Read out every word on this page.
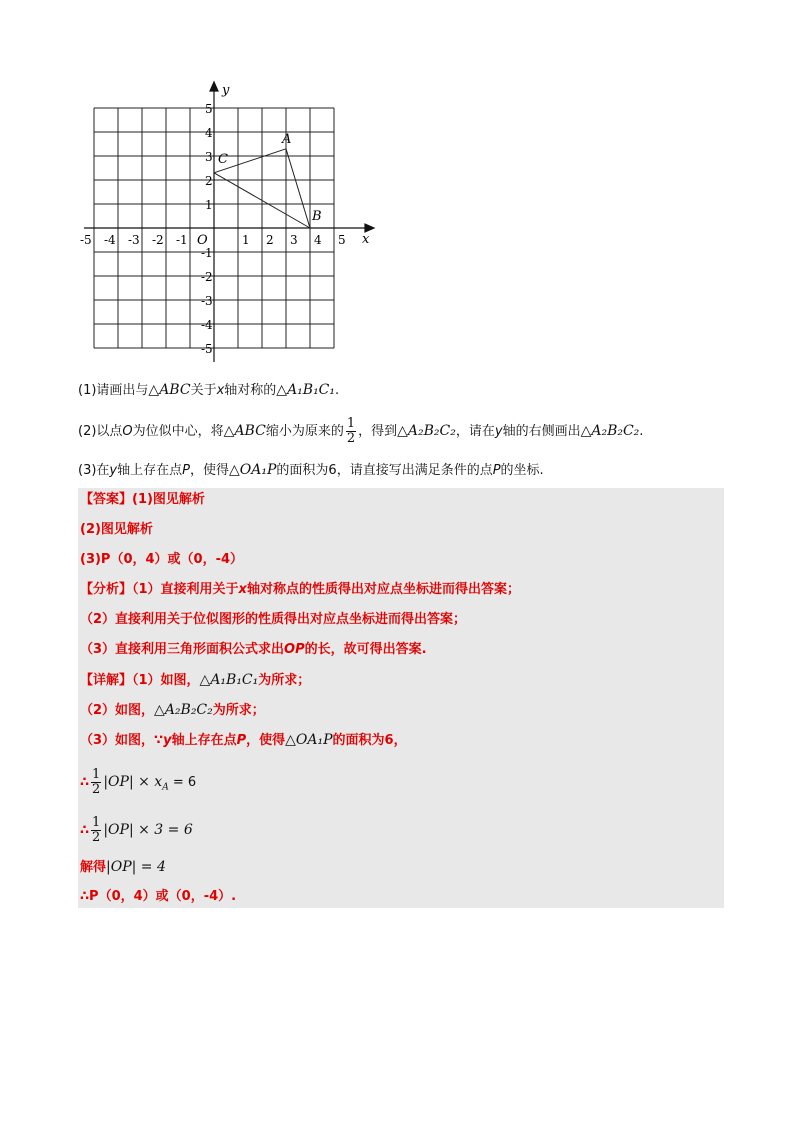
x
y
O
-5 -4 -3 -2 -1	1 2 3 4 5
5
4
3
2
1
-1
-2
-3
-4
-5
A
B
C
(1)请画出与△ABC关于x轴对称的△A₁B₁C₁.
(2)以点O为位似中心，将△ABC缩小为原来的 $\frac{1}{2}$ ，得到△A₂B₂C₂，请在y轴的右侧画出△A₂B₂C₂.
(3)在y轴上存在点P，使得△OA₁P的面积为6，请直接写出满足条件的点P的坐标.
【答案】(1)图见解析
(2)图见解析
(3)P（0，4）或（0，-4）
【分析】（1）直接利用关于x轴对称点的性质得出对应点坐标进而得出答案；
（2）直接利用关于位似图形的性质得出对应点坐标进而得出答案；
（3）直接利用三角形面积公式求出OP的长，故可得出答案.
【详解】（1）如图，△A₁B₁C₁为所求；
（2）如图，△A₂B₂C₂为所求；
（3）如图，∵y轴上存在点P，使得△OA₁P的面积为6，
∴ $\frac{1}{2} |OP| \times x_A = 6$
∴ $\frac{1}{2} |OP| \times 3 = 6$
解得|OP| = 4
∴P（0，4）或（0，-4）.
